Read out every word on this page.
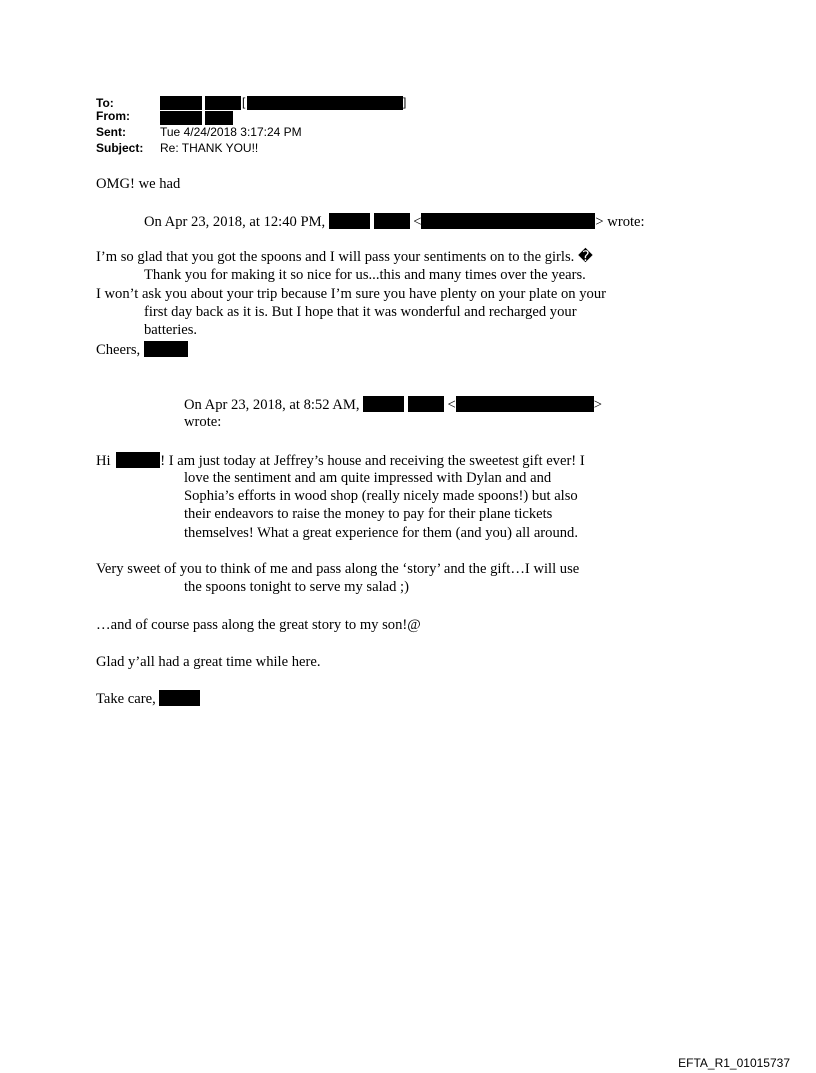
To:
From:
Sent:	Tue 4/24/2018 3:17:24 PM
Subject: Re: THANK YOU!!
[	]
OMG! we had
On Apr 23, 2018, at 12:40 PM,	<	> wrote:
I’m so glad that you got the spoons and I will pass your sentiments on to the girls. �
Thank you for making it so nice for us...this and many times over the years.
I won’t ask you about your trip because I’m sure you have plenty on your plate on your
first day back as it is. But I hope that it was wonderful and recharged your
batteries.
Cheers,
On Apr 23, 2018, at 8:52 AM,	<	>
wrote:
Hi	! I am just today at Jeffrey’s house and receiving the sweetest gift ever! I
love the sentiment and am quite impressed with Dylan and and
Sophia’s efforts in wood shop (really nicely made spoons!) but also
their endeavors to raise the money to pay for their plane tickets
themselves! What a great experience for them (and you) all around.
Very sweet of you to think of me and pass along the ‘story’ and the gift…I will use
the spoons tonight to serve my salad ;)
…and of course pass along the great story to my son!@
Glad y’all had a great time while here.
Take care,
EFTA_R1_01015737
